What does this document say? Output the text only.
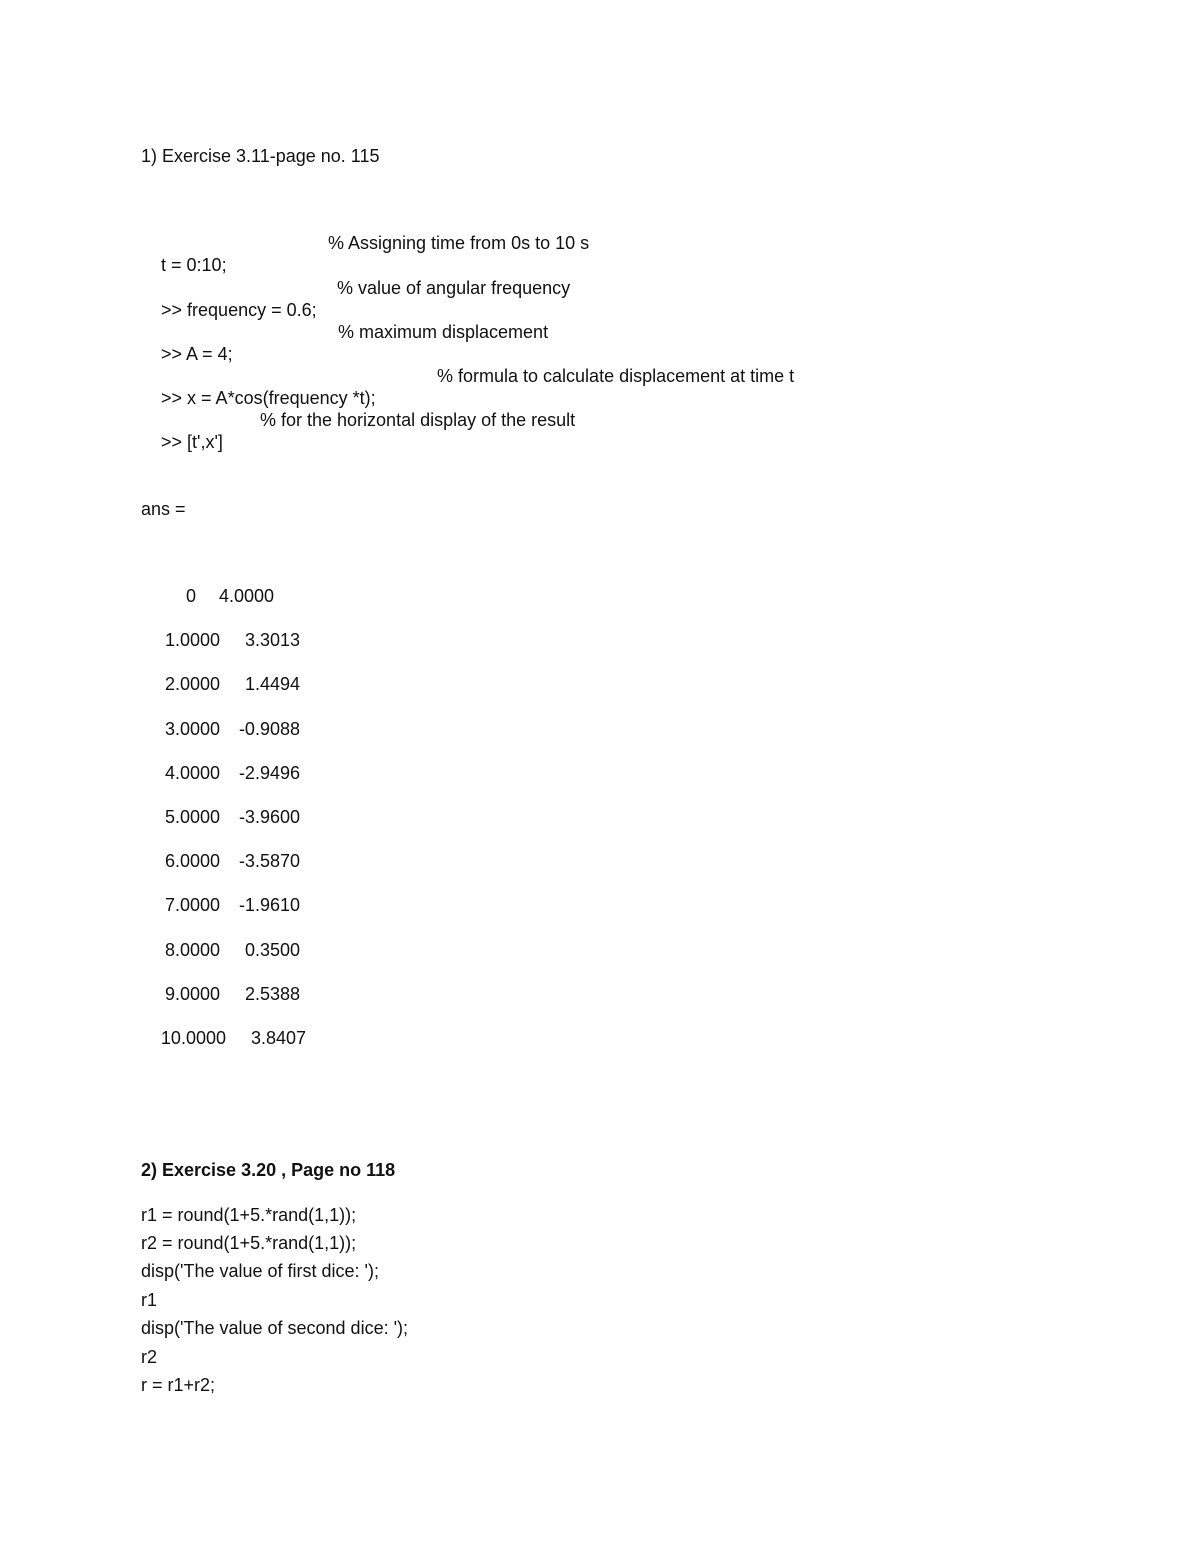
1) Exercise 3.11-page no. 115

t = 0:10;

% Assigning time from 0s to 10 s

>> frequency = 0.6;

% value of angular frequency

>> A = 4;

% maximum displacement

>> x = A*cos(frequency *t);

% formula to calculate displacement at time t

>> [t',x']

% for the horizontal display of the result
ans =
0	4.0000
1.0000	3.3013
2.0000	1.4494
3.0000	-0.9088
4.0000	-2.9496
5.0000	-3.9600
6.0000	-3.5870
7.0000	-1.9610
8.0000	0.3500
9.0000	2.5388
10.0000	3.8407
2) Exercise 3.20 , Page no 118
r1 = round(1+5.*rand(1,1));
r2 = round(1+5.*rand(1,1));
disp('The value of first dice: ');
r1
disp('The value of second dice: ');
r2
r = r1+r2;
